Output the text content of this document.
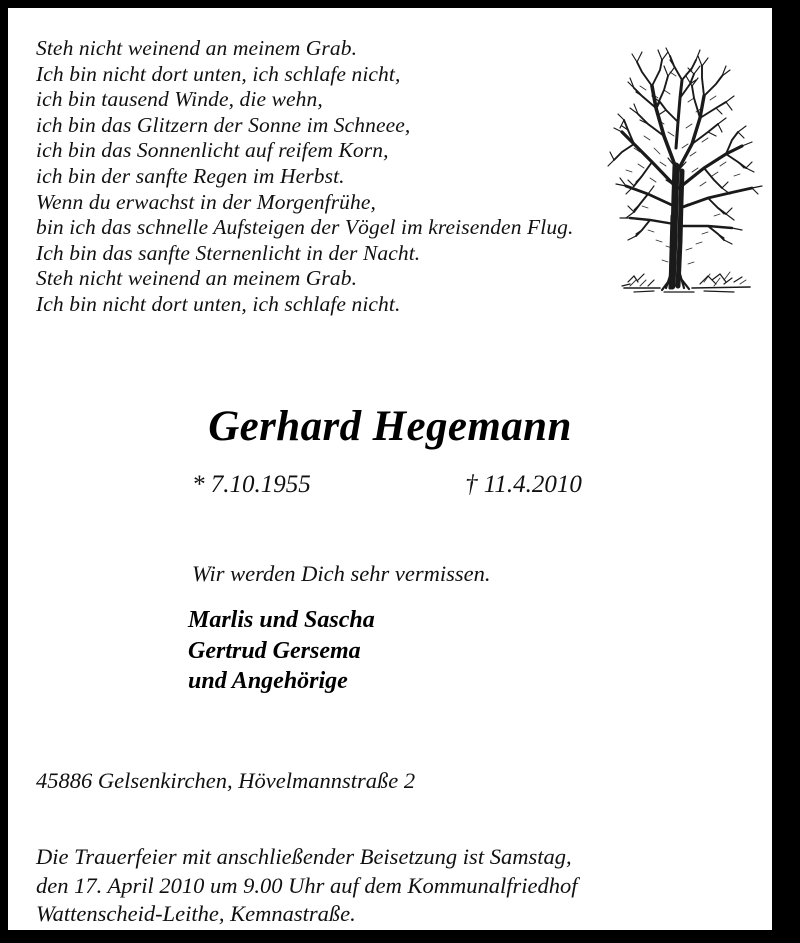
Steh nicht weinend an meinem Grab.
Ich bin nicht dort unten, ich schlafe nicht,
ich bin tausend Winde, die wehn,
ich bin das Glitzern der Sonne im Schneee,
ich bin das Sonnenlicht auf reifem Korn,
ich bin der sanfte Regen im Herbst.
Wenn du erwachst in der Morgenfrühe,
bin ich das schnelle Aufsteigen der Vögel im kreisenden Flug.
Ich bin das sanfte Sternenlicht in der Nacht.
Steh nicht weinend an meinem Grab.
Ich bin nicht dort unten, ich schlafe nicht.
Gerhard Hegemann
* 7.10.1955	† 11.4.2010
Wir werden Dich sehr vermissen.
Marlis und Sascha
Gertrud Gersema
und Angehörige
45886 Gelsenkirchen, Hövelmannstraße 2
Die Trauerfeier mit anschließender Beisetzung ist Samstag,
den 17. April 2010 um 9.00 Uhr auf dem Kommunalfriedhof
Wattenscheid-Leithe, Kemnastraße.
